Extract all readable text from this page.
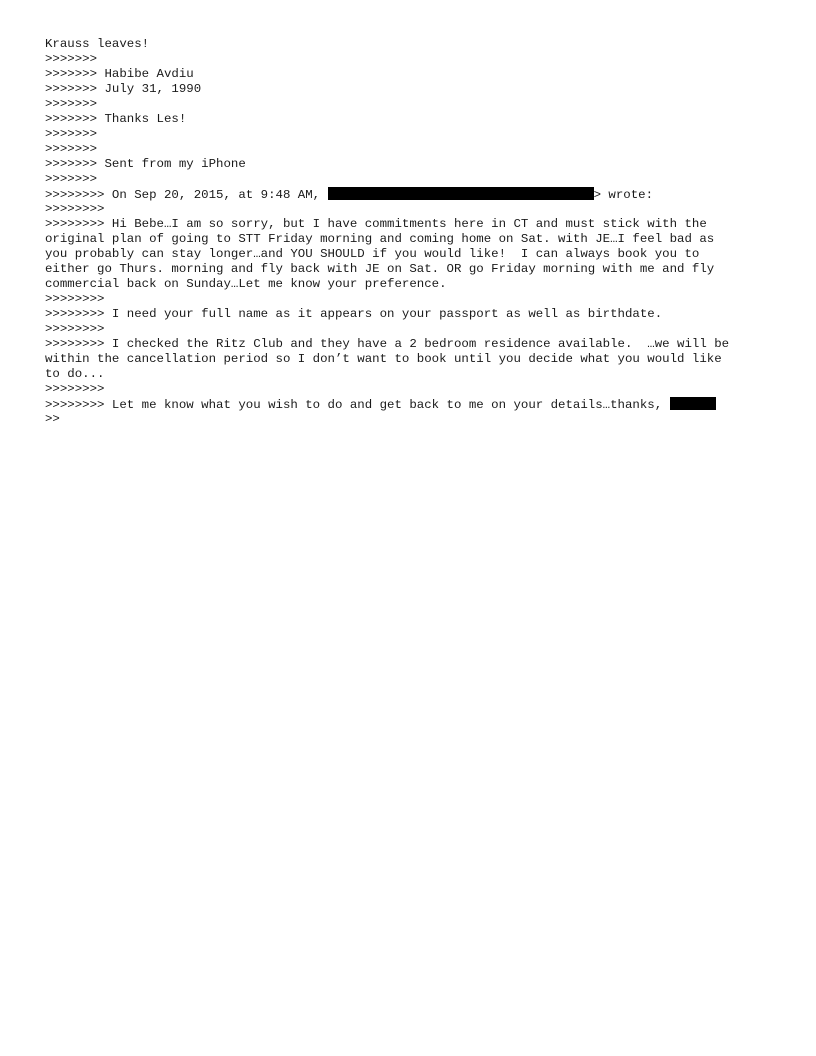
Krauss leaves!
>>>>>>>
>>>>>>> Habibe Avdiu
>>>>>>> July 31, 1990
>>>>>>>
>>>>>>> Thanks Les!
>>>>>>>
>>>>>>>
>>>>>>> Sent from my iPhone
>>>>>>>
>>>>>>>> On Sep 20, 2015, at 9:48 AM,	> wrote:
>>>>>>>>
>>>>>>>> Hi Bebe…I am so sorry, but I have commitments here in CT and must stick with the
original plan of going to STT Friday morning and coming home on Sat. with JE…I feel bad as
you probably can stay longer…and YOU SHOULD if you would like!  I can always book you to
either go Thurs. morning and fly back with JE on Sat. OR go Friday morning with me and fly
commercial back on Sunday…Let me know your preference.
>>>>>>>>
>>>>>>>> I need your full name as it appears on your passport as well as birthdate.
>>>>>>>>
>>>>>>>> I checked the Ritz Club and they have a 2 bedroom residence available.  …we will be
within the cancellation period so I don’t want to book until you decide what you would like
to do...
>>>>>>>>
>>>>>>>> Let me know what you wish to do and get back to me on your details…thanks,
>>
